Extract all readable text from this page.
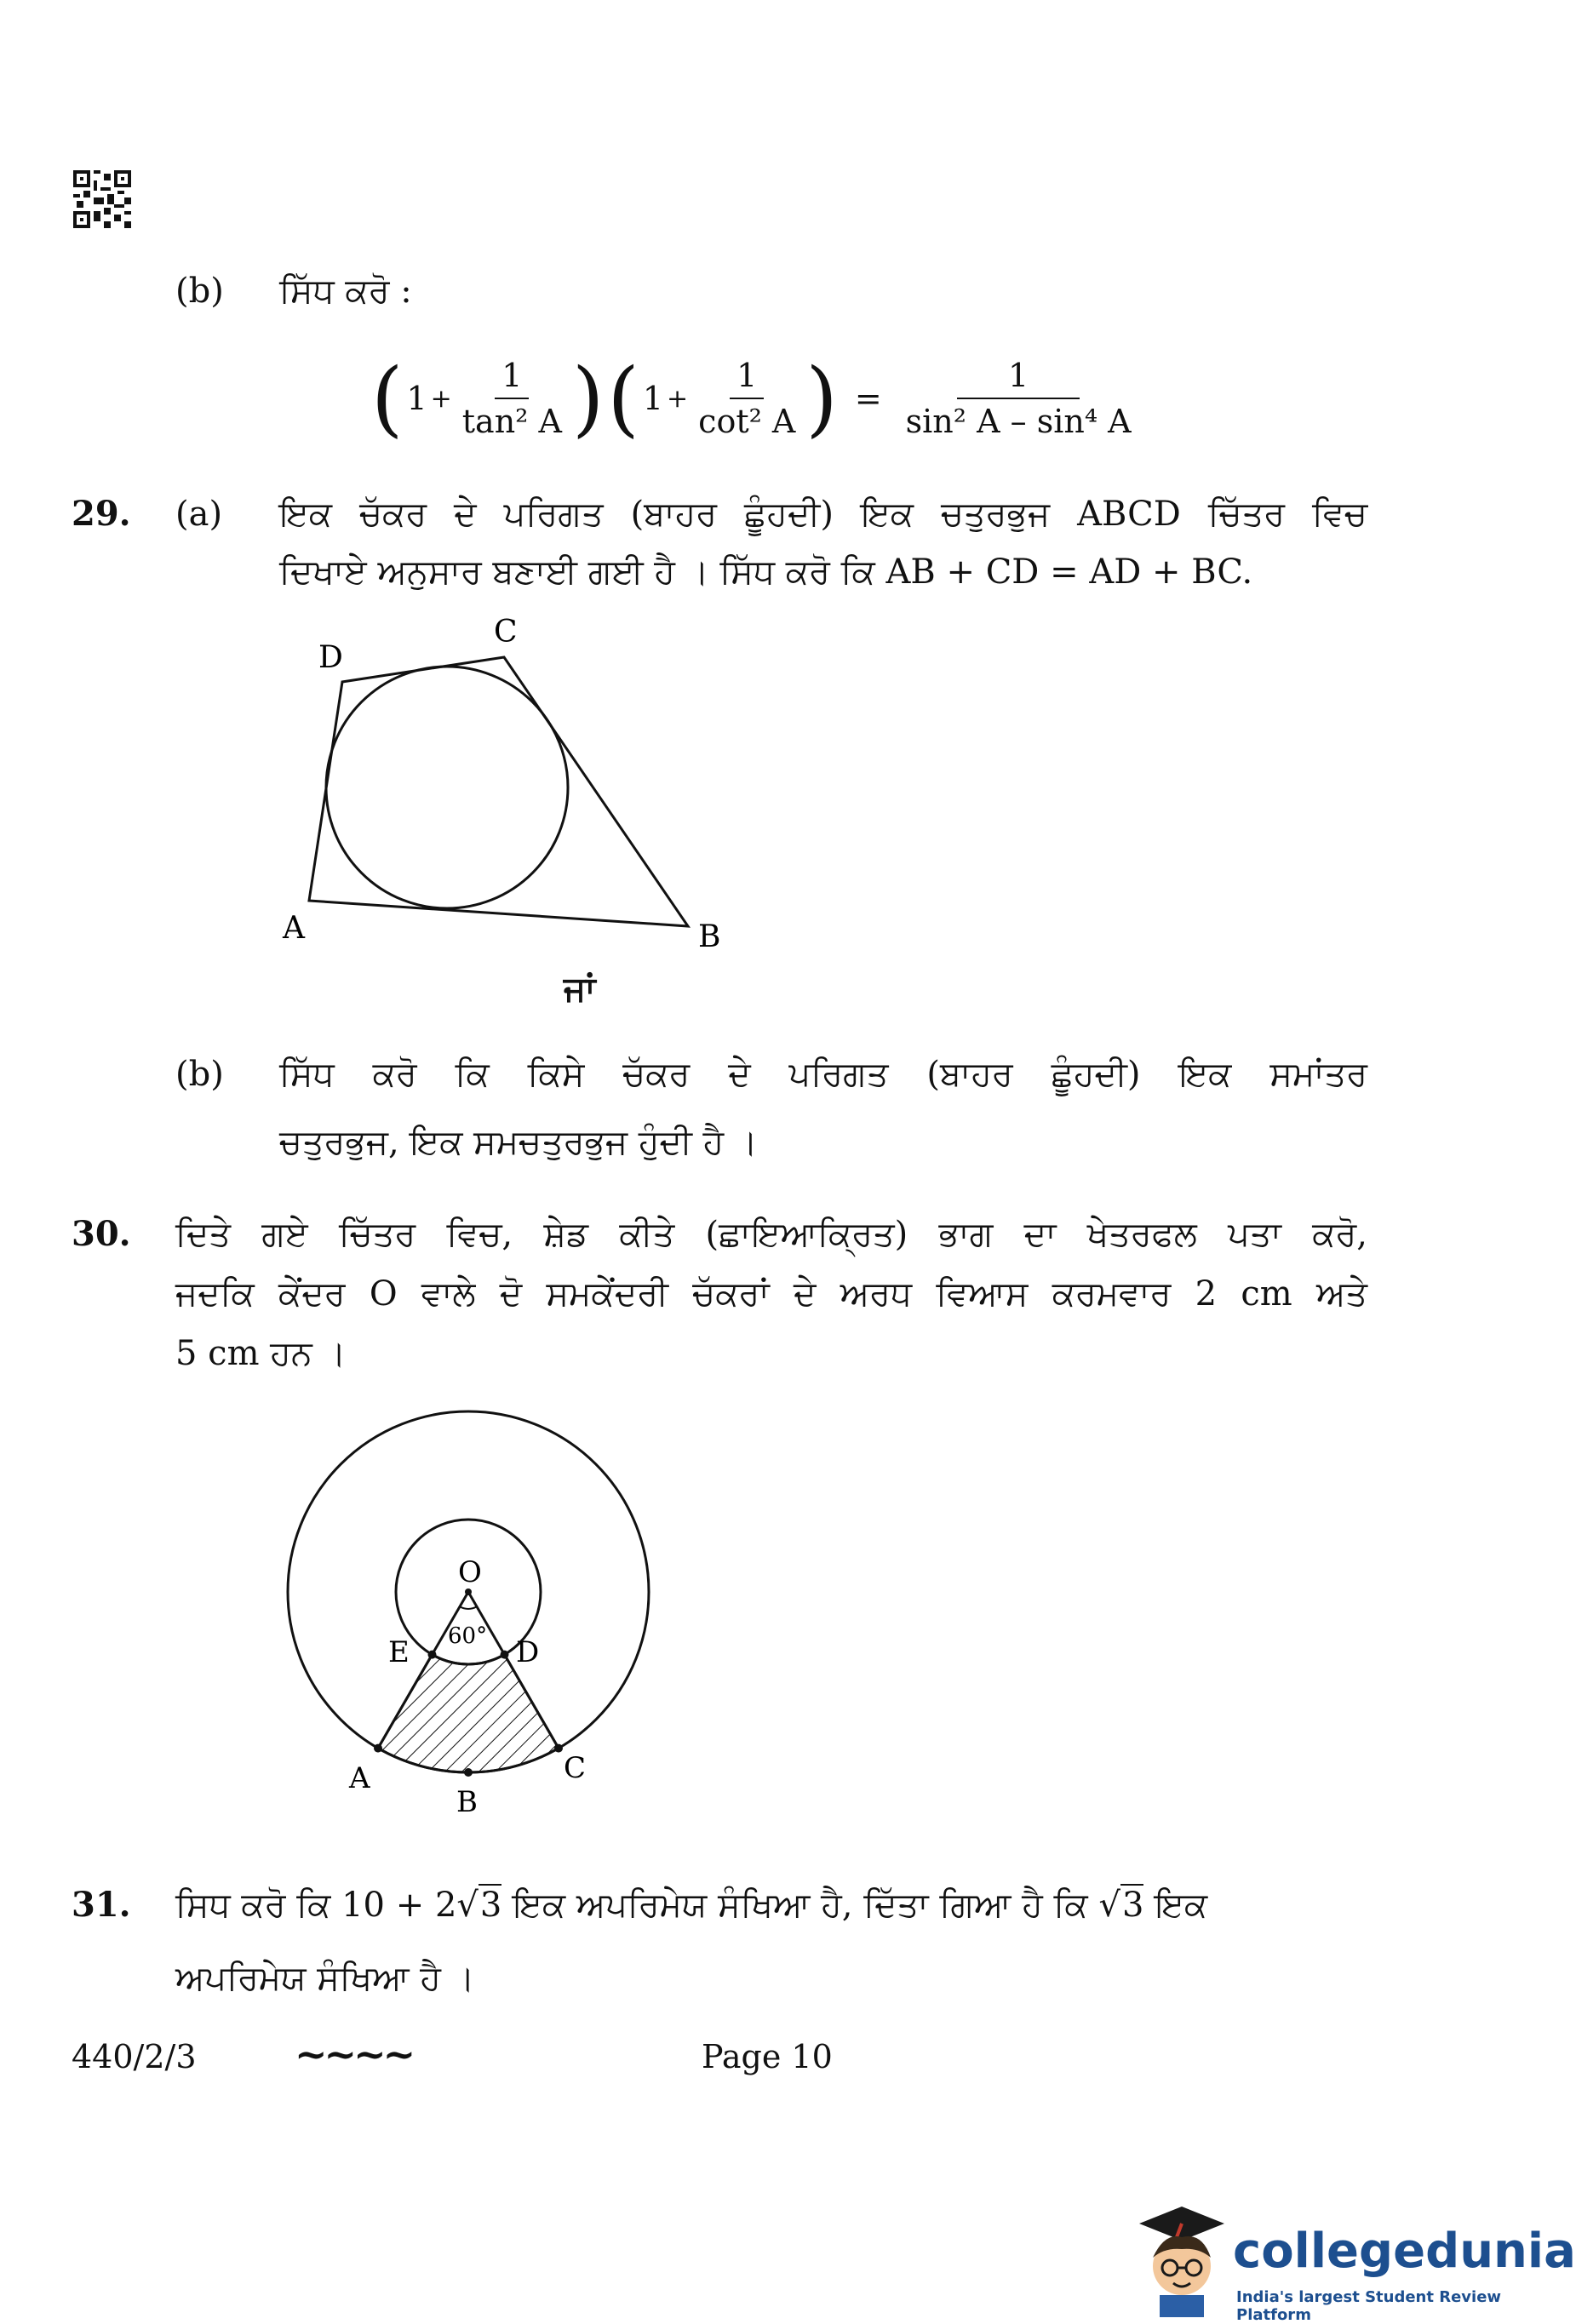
(b) ਸਿੱਧ ਕਰੋ :
( $1 + \frac{1}{\text{tan² A}}$ ) ( $1 + \frac{1}{\text{cot² A}}$ ) = $\frac{1}{\text{sin² A – sin⁴ A}}$
29. (a) ਇਕ ਚੱਕਰ ਦੇ ਪਰਿਗਤ (ਬਾਹਰ ਛੂੰਹਦੀ) ਇਕ ਚਤੁਰਭੁਜ ABCD ਚਿੱਤਰ ਵਿਚ
ਦਿਖਾਏ ਅਨੁਸਾਰ ਬਣਾਈ ਗਈ ਹੈ । ਸਿੱਧ ਕਰੋ ਕਿ AB + CD = AD + BC.
D
C
A	B
ਜਾਂ
(b) ਸਿੱਧ ਕਰੋ ਕਿ ਕਿਸੇ ਚੱਕਰ ਦੇ ਪਰਿਗਤ (ਬਾਹਰ ਛੂੰਹਦੀ) ਇਕ ਸਮਾਂਤਰ
ਚਤੁਰਭੁਜ, ਇਕ ਸਮਚਤੁਰਭੁਜ ਹੁੰਦੀ ਹੈ ।
30. ਦਿਤੇ ਗਏ ਚਿੱਤਰ ਵਿਚ, ਸ਼ੇਡ ਕੀਤੇ (ਛਾਇਆਕ੍ਰਿਤ) ਭਾਗ ਦਾ ਖੇਤਰਫਲ ਪਤਾ ਕਰੋ,
ਜਦਕਿ ਕੇਂਦਰ O ਵਾਲੇ ਦੋ ਸਮਕੇਂਦਰੀ ਚੱਕਰਾਂ ਦੇ ਅਰਧ ਵਿਆਸ ਕਰਮਵਾਰ 2 cm ਅਤੇ
5 cm ਹਨ ।
O
60°
E	D
A
B
C
31. ਸਿਧ ਕਰੋ ਕਿ 10 + 2√3 ਇਕ ਅਪਰਿਮੇਯ ਸੰਖਿਆ ਹੈ, ਦਿੱਤਾ ਗਿਆ ਹੈ ਕਿ √3 ਇਕ
ਅਪਰਿਮੇਯ ਸੰਖਿਆ ਹੈ ।
440/2/3	~~~~	Page 10
collegedunia
India's largest Student Review Platform
